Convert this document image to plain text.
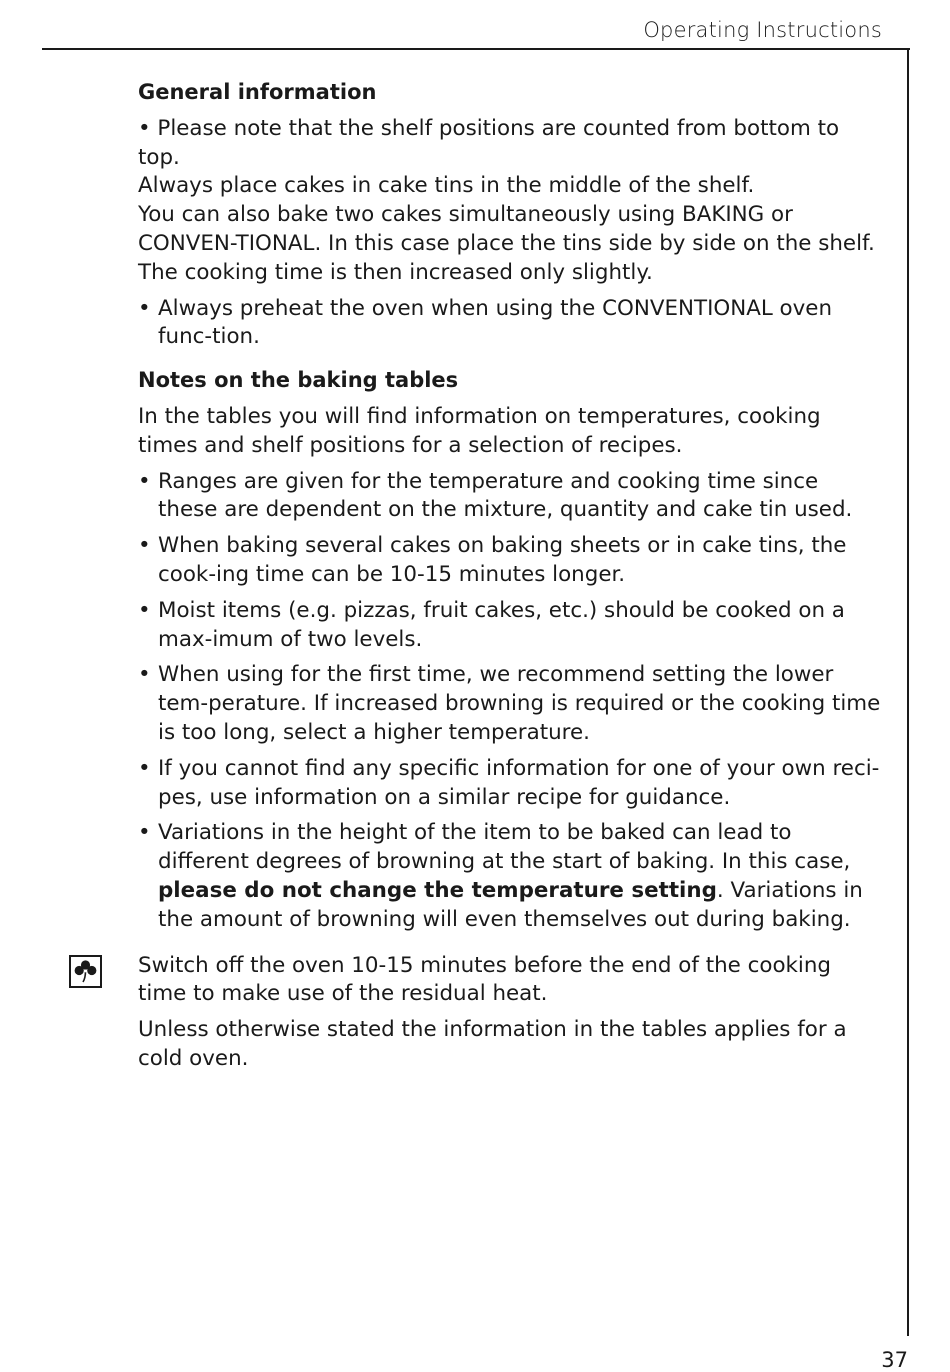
Operating Instructions
General information
• Please note that the shelf positions are counted from bottom to top.
Always place cakes in cake tins in the middle of the shelf.
You can also bake two cakes simultaneously using BAKING or CONVEN-TIONAL. In this case place the tins side by side on the shelf. The cooking time is then increased only slightly.
• Always preheat the oven when using the CONVENTIONAL oven func-tion.
Notes on the baking tables
In the tables you will find information on temperatures, cooking times and shelf positions for a selection of recipes.
• Ranges are given for the temperature and cooking time since these are dependent on the mixture, quantity and cake tin used.
• When baking several cakes on baking sheets or in cake tins, the cook-ing time can be 10-15 minutes longer.
• Moist items (e.g. pizzas, fruit cakes, etc.) should be cooked on a max-imum of two levels.
• When using for the first time, we recommend setting the lower tem-perature. If increased browning is required or the cooking time is too long, select a higher temperature.
• If you cannot find any specific information for one of your own reci-pes, use information on a similar recipe for guidance.
• Variations in the height of the item to be baked can lead to different degrees of browning at the start of baking. In this case, please do not change the temperature setting. Variations in the amount of browning will even themselves out during baking.
Switch off the oven 10-15 minutes before the end of the cooking time to make use of the residual heat.
Unless otherwise stated the information in the tables applies for a cold oven.
37
